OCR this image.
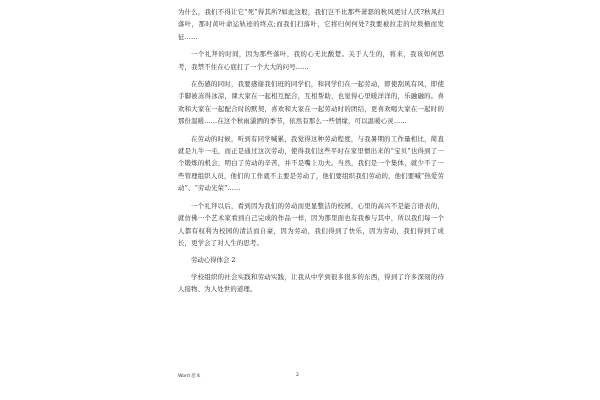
为什么，我们不得让它“死”得其所?如此这般，我们岂不比那些萧瑟的秋风更讨人厌?秋风扫落叶，那时黄叶命运轨迹的终点;而我们扫落叶，它将归何何处?我要被拉走的垃圾桶而发征……

一个礼拜的时间，因为那些落叶，我的心无比酸楚。关于人生的，将来，我该如何思考，我禁不住在心底打了一个大大的问号……

在伤感的同时，我要感谢我们班的同学们，和同学们在一起劳动，即使刮风有风，即使手脚被冻得冰凉，课大家在一起相互配合，互相帮助，也觉得心里暖洋洋的，乐融融的。喜欢和大家在一起配合时的默契，喜欢和大家在一起劳动时的团结，更喜欢喝大家在一起时的那份温暖……在这个秋雨潇洒的季节，依然有那么一些情缘，可以温暖心灵……

在劳动的时候，听到有同学喊累，我觉得这种劳动程度，与我暑期的工作量相比，简直就是九牛一毛，而正是通过这次劳动，使得我们这些平时在家里惯出来的“宝贝”也得到了一个锻炼的机会，明白了劳动的辛苦，并不是嘴上功夫。当然，我们是一个集体，就少不了一些管理组织人员，他们的工作就不主要是劳动了，他们要组织我们劳动的，他们要喊“热爱劳动”、“劳动光荣”……

一个礼拜以后，看到因为我们的劳动而更显整洁的校园，心里的高兴不是能言语表的，就仿佛一个艺术家看到自己完成的作品一样，因为那里面也有我参与其中，所以我们每一个人都有权利为校园的清洁而自豪，因为劳动，我们得到了快乐，因为劳动，我们得到了成长，更学会了对人生的思考。

劳动心得体会 2

学校组织的社会实践和劳动实践，让我从中学到很多很多的东西，得到了许多深刻的待人接物、为人处世的道理。

Word 范本	2
